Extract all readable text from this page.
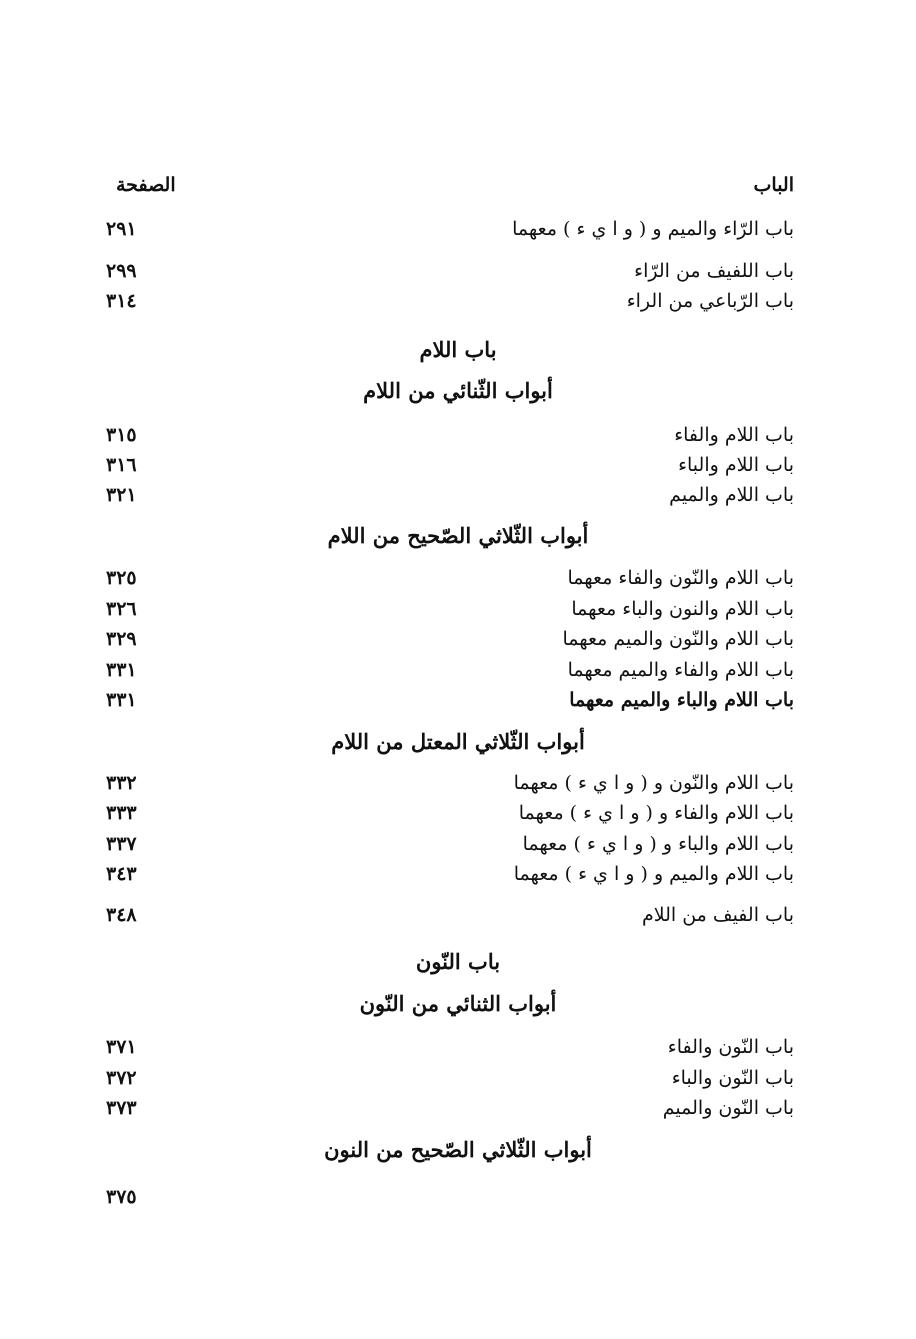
الباب
الصفحة
باب الرّاء والميم و ( و ا ي ء ) معهما
٢٩١
باب اللفيف من الرّاء
٢٩٩
باب الرّباعي من الراء
٣١٤
باب اللام
أبواب الثّنائي من اللام
باب اللام والفاء
٣١٥
باب اللام والباء
٣١٦
باب اللام والميم
٣٢١
أبواب الثّلاثي الصّحيح من اللام
باب اللام والنّون والفاء معهما
٣٢٥
باب اللام والنون والباء معهما
٣٢٦
باب اللام والنّون والميم معهما
٣٢٩
باب اللام والفاء والميم معهما
٣٣١
باب اللام والباء والميم معهما
٣٣١
أبواب الثّلاثي المعتل من اللام
باب اللام والنّون و ( و ا ي ء ) معهما
٣٣٢
باب اللام والفاء و ( و ا ي ء ) معهما
٣٣٣
باب اللام والباء و ( و ا ي ء ) معهما
٣٣٧
باب اللام والميم و ( و ا ي ء ) معهما
٣٤٣
باب الفيف من اللام
٣٤٨
باب النّون
أبواب الثنائي من النّون
باب النّون والفاء
٣٧١
باب النّون والباء
٣٧٢
باب النّون والميم
٣٧٣
أبواب الثّلاثي الصّحيح من النون
٣٧٥
